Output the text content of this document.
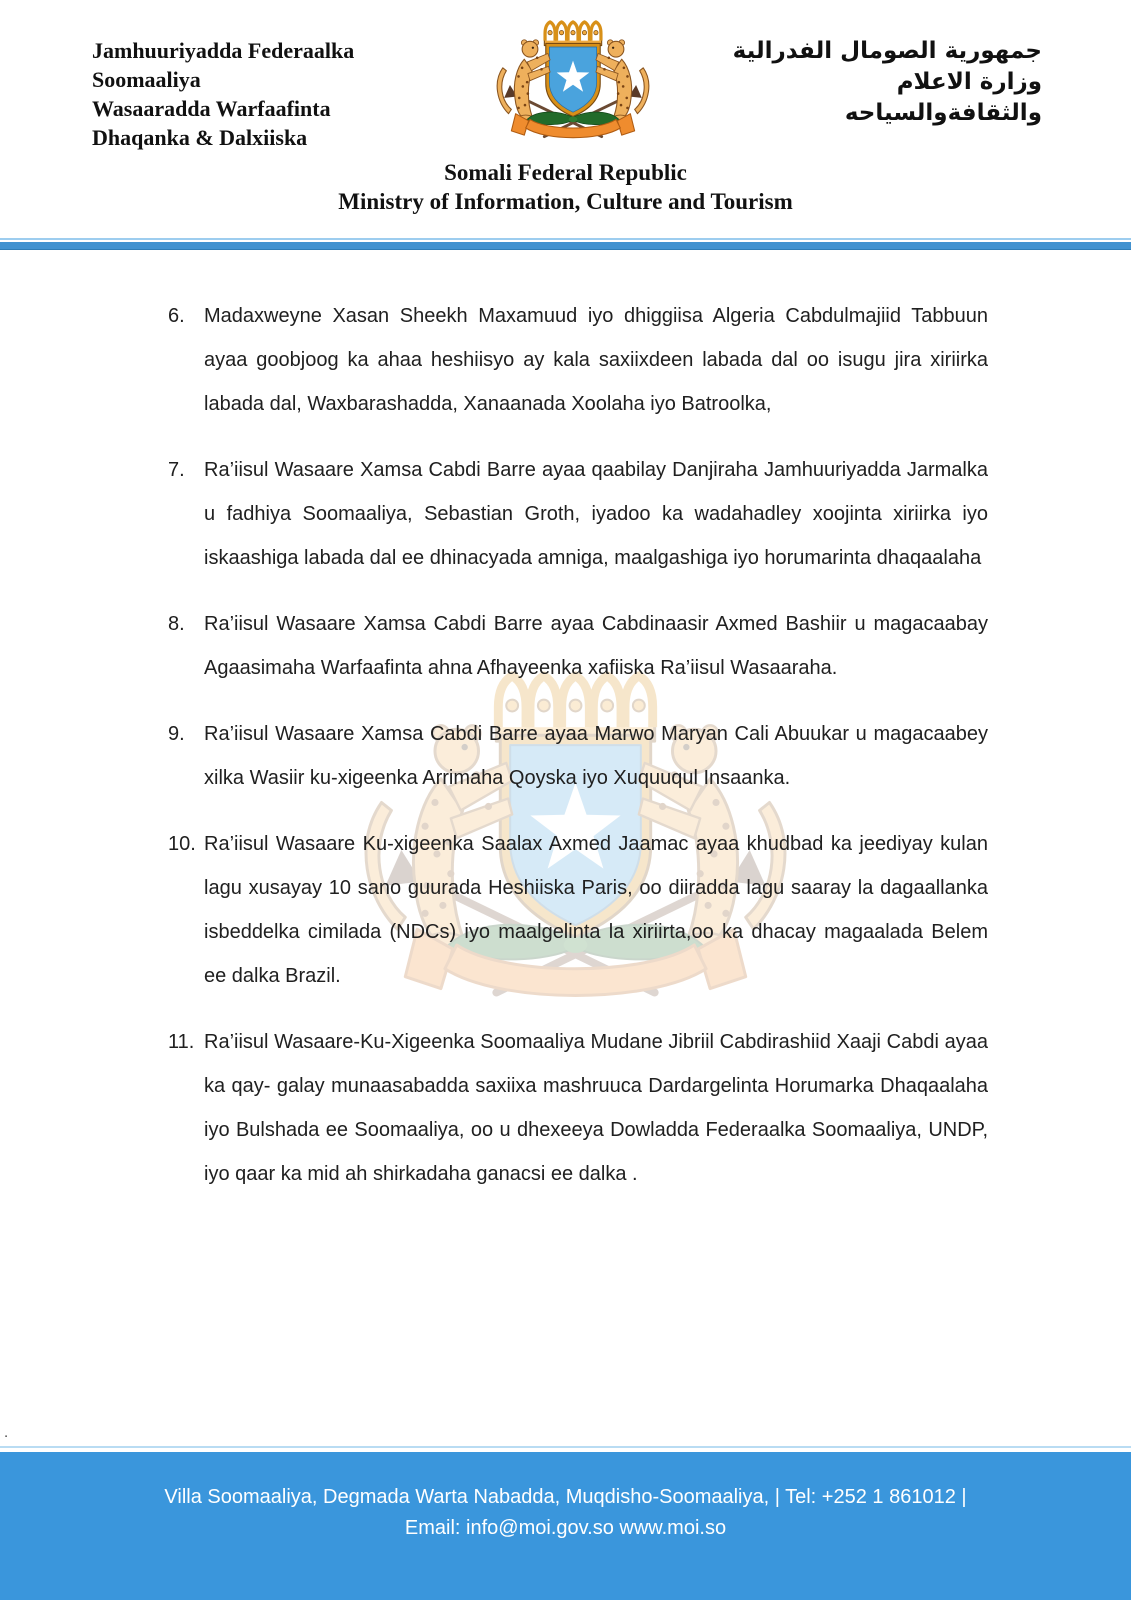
Jamhuuriyadda Federaalka
Soomaaliya
Wasaaradda Warfaafinta
Dhaqanka & Dalxiiska
جمهورية الصومال الفدرالية
وزارة الاعلام
والثقافةوالسياحه
Somali Federal Republic
Ministry of Information, Culture and Tourism
6. Madaxweyne Xasan Sheekh Maxamuud iyo dhiggiisa Algeria Cabdulmajiid Tabbuun ayaa goobjoog ka ahaa heshiisyo ay kala saxiixdeen labada dal oo isugu jira xiriirka labada dal, Waxbarashadda, Xanaanada Xoolaha iyo Batroolka,
7. Ra’iisul Wasaare Xamsa Cabdi Barre ayaa qaabilay Danjiraha Jamhuuriyadda Jarmalka u fadhiya Soomaaliya, Sebastian Groth, iyadoo ka wadahadley xoojinta xiriirka iyo iskaashiga labada dal ee dhinacyada amniga, maalgashiga iyo horumarinta dhaqaalaha
8. Ra’iisul Wasaare Xamsa Cabdi Barre ayaa Cabdinaasir Axmed Bashiir u magacaabay Agaasimaha Warfaafinta ahna Afhayeenka xafiiska Ra’iisul Wasaaraha.
9. Ra’iisul Wasaare Xamsa Cabdi Barre ayaa Marwo Maryan Cali Abuukar u magacaabey xilka Wasiir ku-xigeenka Arrimaha Qoyska iyo Xuquuqul Insaanka.
10. Ra’iisul Wasaare Ku-xigeenka Saalax Axmed Jaamac ayaa khudbad ka jeediyay kulan lagu xusayay 10 sano guurada Heshiiska Paris, oo diiradda lagu saaray la dagaallanka isbeddelka cimilada (NDCs) iyo maalgelinta la xiriirta,oo ka dhacay magaalada Belem ee dalka Brazil.
11. Ra’iisul Wasaare-Ku-Xigeenka Soomaaliya Mudane Jibriil Cabdirashiid Xaaji Cabdi ayaa ka qay- galay munaasabadda saxiixa mashruuca Dardargelinta Horumarka Dhaqaalaha iyo Bulshada ee Soomaaliya, oo u dhexeeya Dowladda Federaalka Soomaaliya, UNDP, iyo qaar ka mid ah shirkadaha ganacsi ee dalka .
.
Villa Soomaaliya, Degmada Warta Nabadda, Muqdisho-Soomaaliya, | Tel: +252 1 861012 |
Email: info@moi.gov.so www.moi.so
